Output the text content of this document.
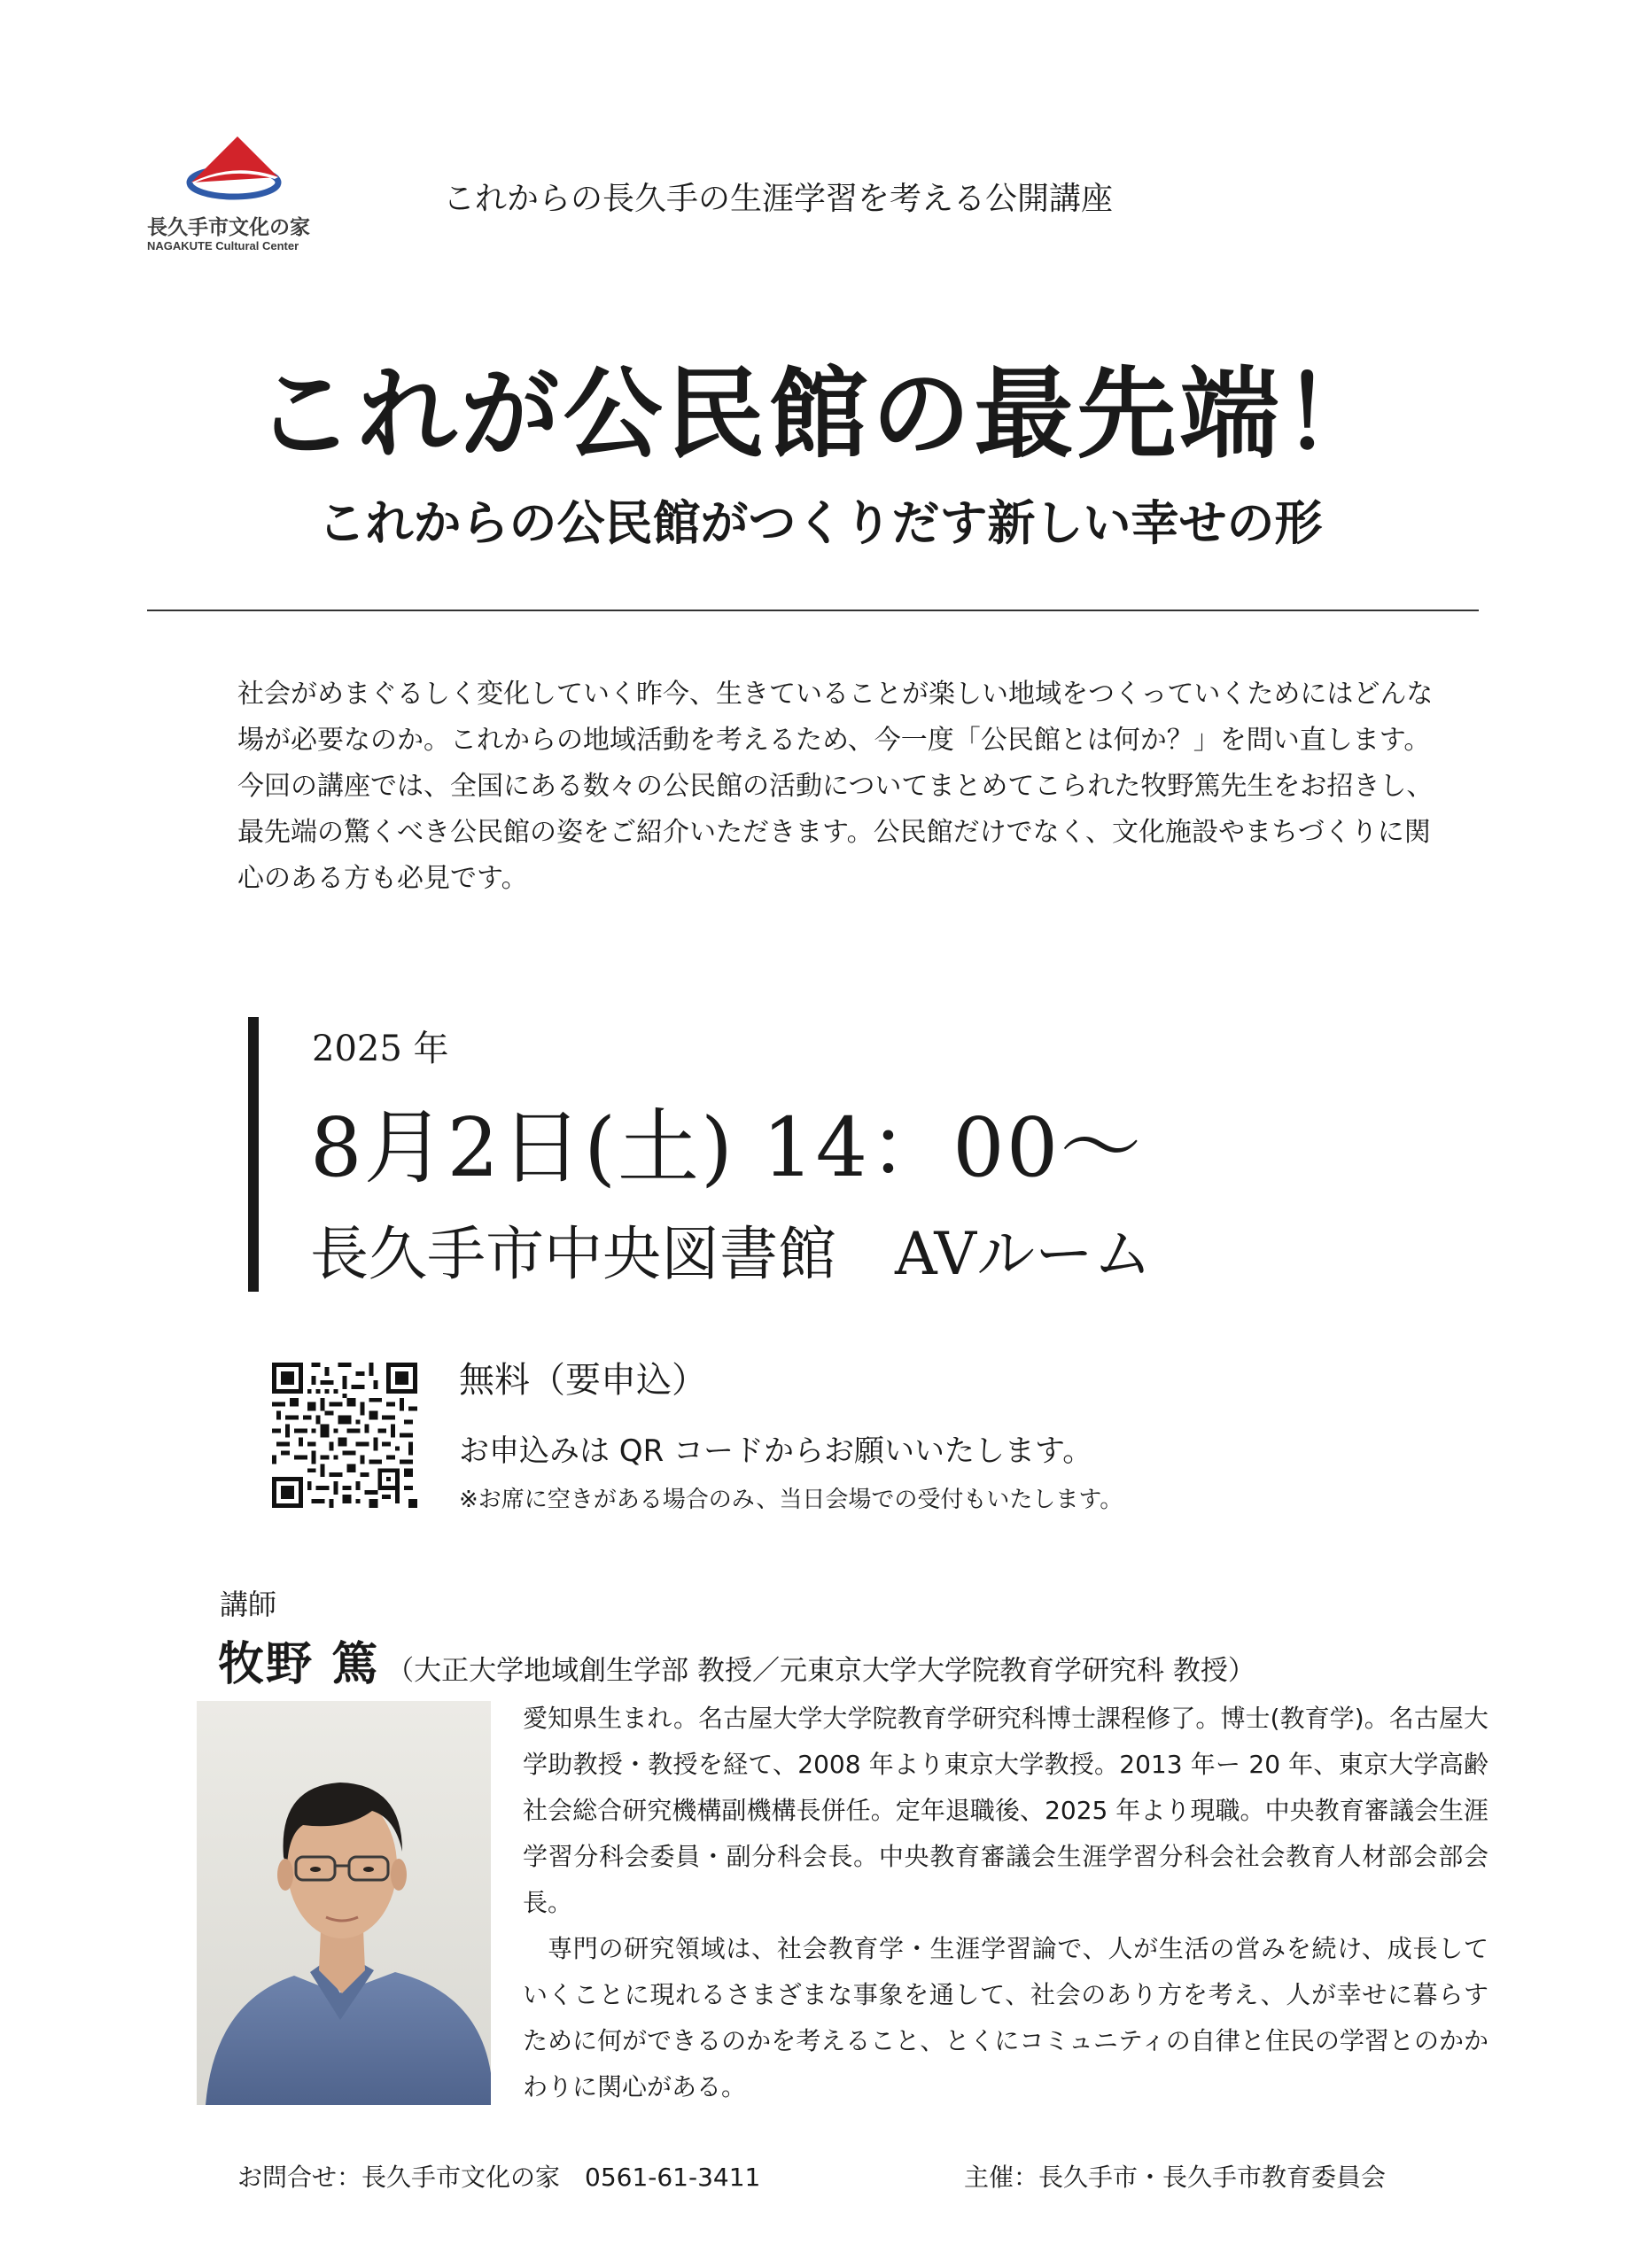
長久手市文化の家
NAGAKUTE Cultural Center
これからの長久手の生涯学習を考える公開講座
これが公民館の最先端！
これからの公民館がつくりだす新しい幸せの形

社会がめまぐるしく変化していく昨今、生きていることが楽しい地域をつくっていくためにはどんな場が必要なのか。これからの地域活動を考えるため、今一度「公民館とは何か？」を問い直します。

今回の講座では、全国にある数々の公民館の活動についてまとめてこられた牧野篤先生をお招きし、最先端の驚くべき公民館の姿をご紹介いただきます。公民館だけでなく、文化施設やまちづくりに関心のある方も必見です。

2025 年
8月2日(土) 14：00～
長久手市中央図書館　AVルーム
無料（要申込）
お申込みは QR コードからお願いいたします。
※お席に空きがある場合のみ、当日会場での受付もいたします。
講師
牧野 篤 （大正大学地域創生学部 教授／元東京大学大学院教育学研究科 教授）

愛知県生まれ。名古屋大学大学院教育学研究科博士課程修了。博士(教育学)。名古屋大学助教授・教授を経て、2008 年より東京大学教授。2013 年ー 20 年、東京大学高齢社会総合研究機構副機構長併任。定年退職後、2025 年より現職。中央教育審議会生涯学習分科会委員・副分科会長。中央教育審議会生涯学習分科会社会教育人材部会部会長。

専門の研究領域は、社会教育学・生涯学習論で、人が生活の営みを続け、成長していくことに現れるさまざまな事象を通して、社会のあり方を考え、人が幸せに暮らすために何ができるのかを考えること、とくにコミュニティの自律と住民の学習とのかかわりに関心がある。

お問合せ：長久手市文化の家　0561-61-3411	主催：長久手市・長久手市教育委員会
